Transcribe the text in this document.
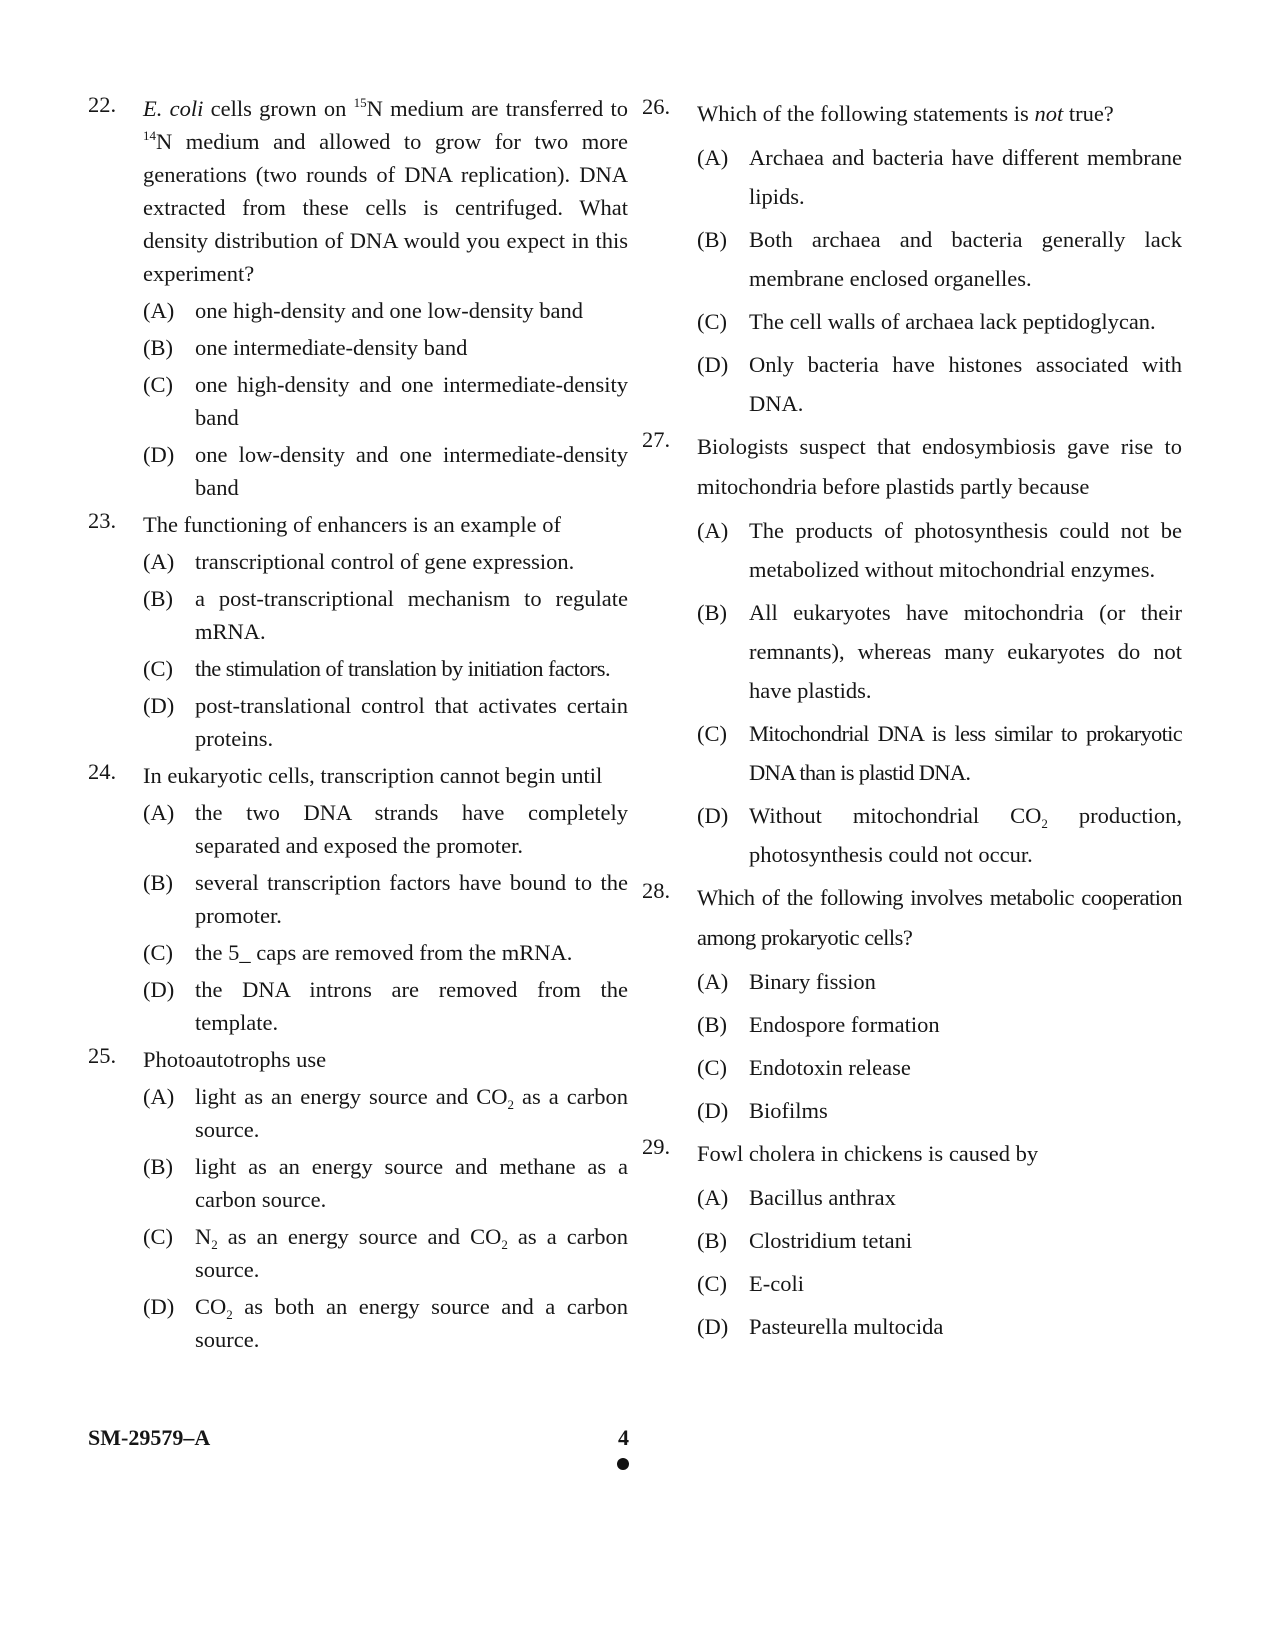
22. E. coli cells grown on $^{15}$N medium are transferred to $^{14}$N medium and allowed to grow for two more generations (two rounds of DNA replication). DNA extracted from these cells is centrifuged. What density distribution of DNA would you expect in this experiment?
(A) one high-density and one low-density band
(B) one intermediate-density band
(C) one high-density and one intermediate-density band
(D) one low-density and one intermediate-density band
23. The functioning of enhancers is an example of
(A) transcriptional control of gene expression.
(B) a post-transcriptional mechanism to regulate mRNA.
(C) the stimulation of translation by initiation factors.
(D) post-translational control that activates certain proteins.
24. In eukaryotic cells, transcription cannot begin until
(A) the two DNA strands have completely separated and exposed the promoter.
(B) several transcription factors have bound to the promoter.
(C) the 5_ caps are removed from the mRNA.
(D) the DNA introns are removed from the template.
25. Photoautotrophs use
(A) light as an energy source and $CO_2$ as a carbon source.
(B) light as an energy source and methane as a carbon source.
(C) $N_2$ as an energy source and $CO_2$ as a carbon source.
(D) $CO_2$ as both an energy source and a carbon source.
26. Which of the following statements is not true?
(A) Archaea and bacteria have different membrane lipids.
(B) Both archaea and bacteria generally lack membrane enclosed organelles.
(C) The cell walls of archaea lack peptidoglycan.
(D) Only bacteria have histones associated with DNA.
27. Biologists suspect that endosymbiosis gave rise to mitochondria before plastids partly because
(A) The products of photosynthesis could not be metabolized without mitochondrial enzymes.
(B) All eukaryotes have mitochondria (or their remnants), whereas many eukaryotes do not have plastids.
(C) Mitochondrial DNA is less similar to prokaryotic DNA than is plastid DNA.
(D) Without mitochondrial $CO_2$ production, photosynthesis could not occur.
28. Which of the following involves metabolic cooperation among prokaryotic cells?
(A) Binary fission
(B) Endospore formation
(C) Endotoxin release
(D) Biofilms
29. Fowl cholera in chickens is caused by
(A) Bacillus anthrax
(B) Clostridium tetani
(C) E-coli
(D) Pasteurella multocida
SM-29579–A	4
